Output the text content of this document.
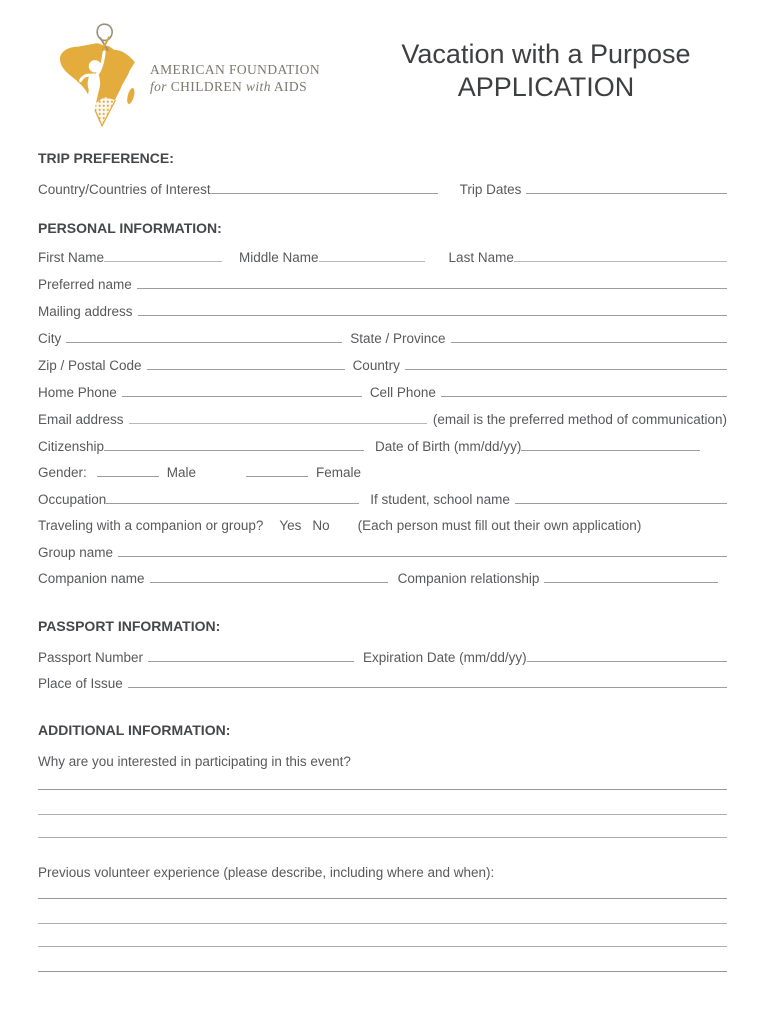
AMERICAN FOUNDATION
for CHILDREN with AIDS
Vacation with a Purpose
APPLICATION
TRIP PREFERENCE:
Country/Countries of Interest	Trip Dates
PERSONAL INFORMATION:
First Name	Middle Name	Last Name
Preferred name
Mailing address
City	State / Province
Zip / Postal Code	Country
Home Phone	Cell Phone
Email address	(email is the preferred method of communication)
Citizenship	Date of Birth (mm/dd/yy)
Gender:	Male	Female
Occupation	If student, school name
Traveling with a companion or group? Yes No (Each person must fill out their own application)
Group name
Companion name	Companion relationship
PASSPORT INFORMATION:
Passport Number	Expiration Date (mm/dd/yy)
Place of Issue
ADDITIONAL INFORMATION:
Why are you interested in participating in this event?
Previous volunteer experience (please describe, including where and when):
